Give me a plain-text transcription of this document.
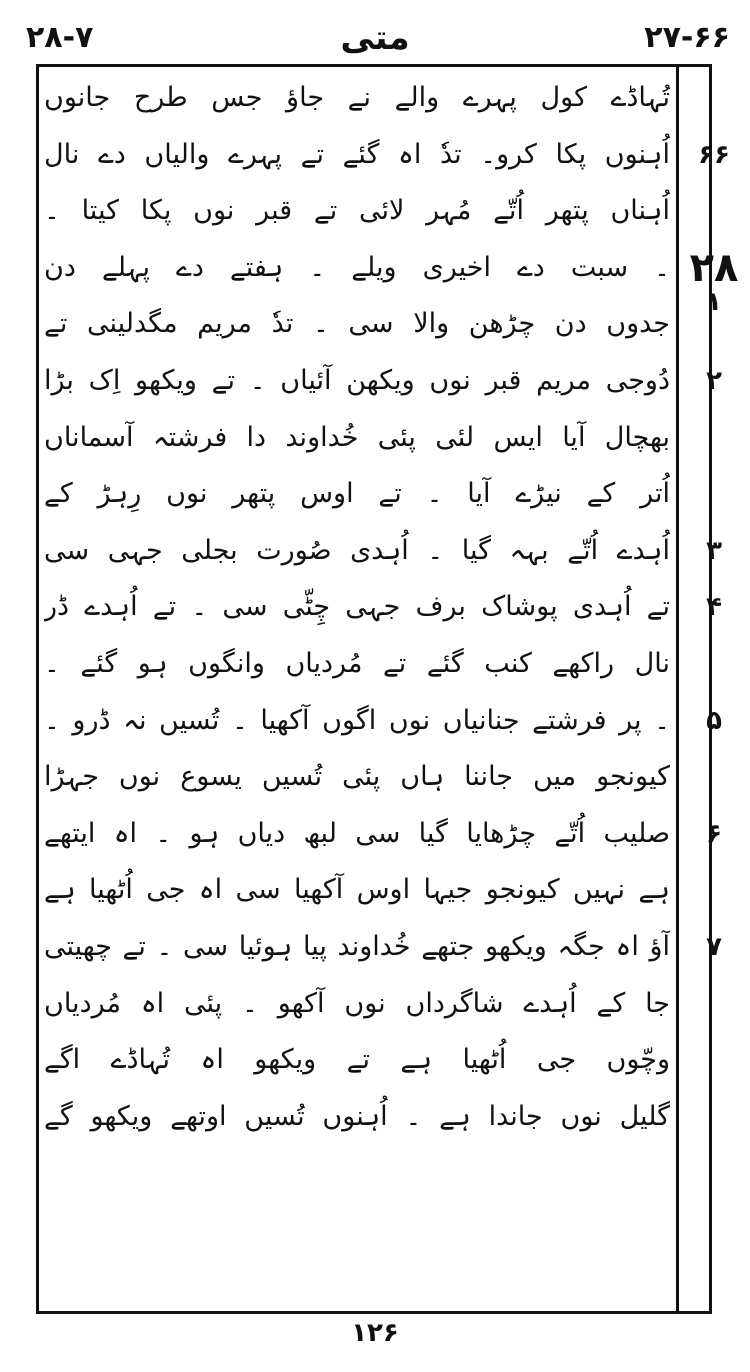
۲۷-۶۶
متی
۲۸-۷
تُہاڈے کول پہرے والے نے جاؤ جس طرح جانوں
اُہنوں پکا کرو۔ تدٗ اہ گئے تے پہرے والیاں دے نال
اُہناں پتھر اُتّے مُہر لائی تے قبر نوں پکا کیتا ۔
۔ سبت دے اخیری ویلے ۔ ہفتے دے پہلے دن
جدوں دن چڑھن والا سی ۔ تدٗ مریم مگدلینی تے
دُوجی مریم قبر نوں ویکھن آئیاں ۔ تے ویکھو اِک بڑا
بھچال آیا ایس لئی پئی خُداوند دا فرشتہ آسماناں
اُتر کے نیڑے آیا ۔ تے اوس پتھر نوں رِہڑ کے
اُہدے اُتّے بہہ گیا ۔ اُہدی صُورت بجلی جہی سی
تے اُہدی پوشاک برف جہی چِٹّی سی ۔ تے اُہدے ڈر
نال راکھے کنب گئے تے مُردیاں وانگوں ہو گئے ۔
۔ پر فرشتے جنانیاں نوں اگوں آکھیا ۔ تُسیں نہ ڈرو ۔
کیونجو میں جاننا ہاں پئی تُسیں یسوع نوں جہڑا
صلیب اُتّے چڑھایا گیا سی لبھ دیاں ہو ۔ اہ ایتھے
ہے نہیں کیونجو جیہا اوس آکھیا سی اہ جی اُٹھیا ہے
آؤ اہ جگہ ویکھو جتھے خُداوند پیا ہوئیا سی ۔ تے چھیتی
جا کے اُہدے شاگرداں نوں آکھو ۔ پئی اہ مُردیاں
وچّوں جی اُٹھیا ہے تے ویکھو اہ تُہاڈے اگے
گلیل نوں جاندا ہے ۔ اُہنوں تُسیں اوتھے ویکھو گے
۶۶
۲۸
۱
۲
۳
۴
۵
۶
۷
۱۲۶
